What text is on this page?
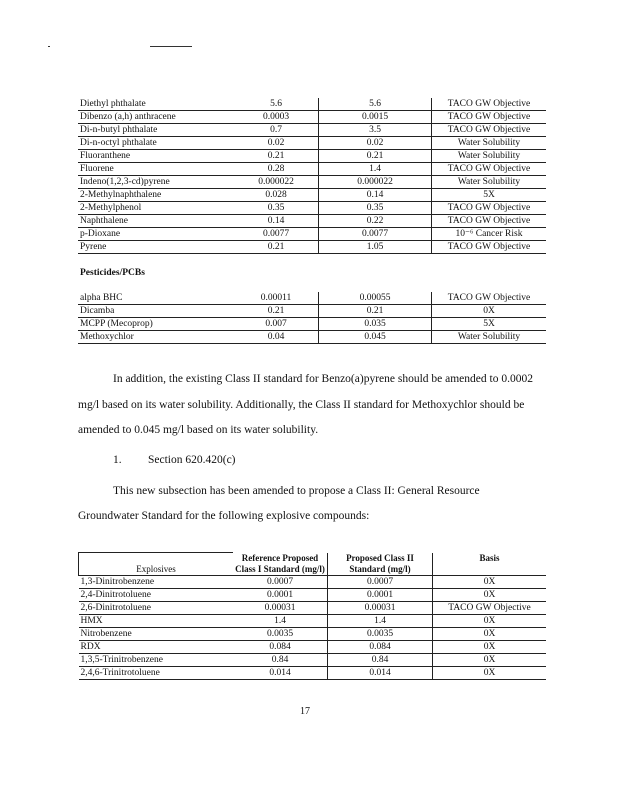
Diethyl phthalate	5.6	5.6	TACO GW Objective
Dibenzo (a,h) anthracene	0.0003	0.0015	TACO GW Objective
Di-n-butyl phthalate	0.7	3.5	TACO GW Objective
Di-n-octyl phthalate	0.02	0.02	Water Solubility
Fluoranthene	0.21	0.21	Water Solubility
Fluorene	0.28	1.4	TACO GW Objective
Indeno(1,2,3-cd)pyrene	0.000022	0.000022	Water Solubility
2-Methylnaphthalene	0.028	0.14	5X
2-Methylphenol	0.35	0.35	TACO GW Objective
Naphthalene	0.14	0.22	TACO GW Objective
p-Dioxane	0.0077	0.0077	10⁻⁶ Cancer Risk
Pyrene	0.21	1.05	TACO GW Objective
Pesticides/PCBs
alpha BHC	0.00011	0.00055	TACO GW Objective
Dicamba	0.21	0.21	0X
MCPP (Mecoprop)	0.007	0.035	5X
Methoxychlor	0.04	0.045	Water Solubility
In addition, the existing Class II standard for Benzo(a)pyrene should be amended to 0.0002
mg/l based on its water solubility. Additionally, the Class II standard for Methoxychlor should be
amended to 0.045 mg/l based on its water solubility.
1. Section 620.420(c)
This new subsection has been amended to propose a Class II: General Resource
Groundwater Standard for the following explosive compounds:
Explosives	Reference Proposed Class I Standard (mg/l)	Proposed Class II Standard (mg/l)	Basis
1,3-Dinitrobenzene	0.0007	0.0007	0X
2,4-Dinitrotoluene	0.0001	0.0001	0X
2,6-Dinitrotoluene	0.00031	0.00031	TACO GW Objective
HMX	1.4	1.4	0X
Nitrobenzene	0.0035	0.0035	0X
RDX	0.084	0.084	0X
1,3,5-Trinitrobenzene	0.84	0.84	0X
2,4,6-Trinitrotoluene	0.014	0.014	0X
17
